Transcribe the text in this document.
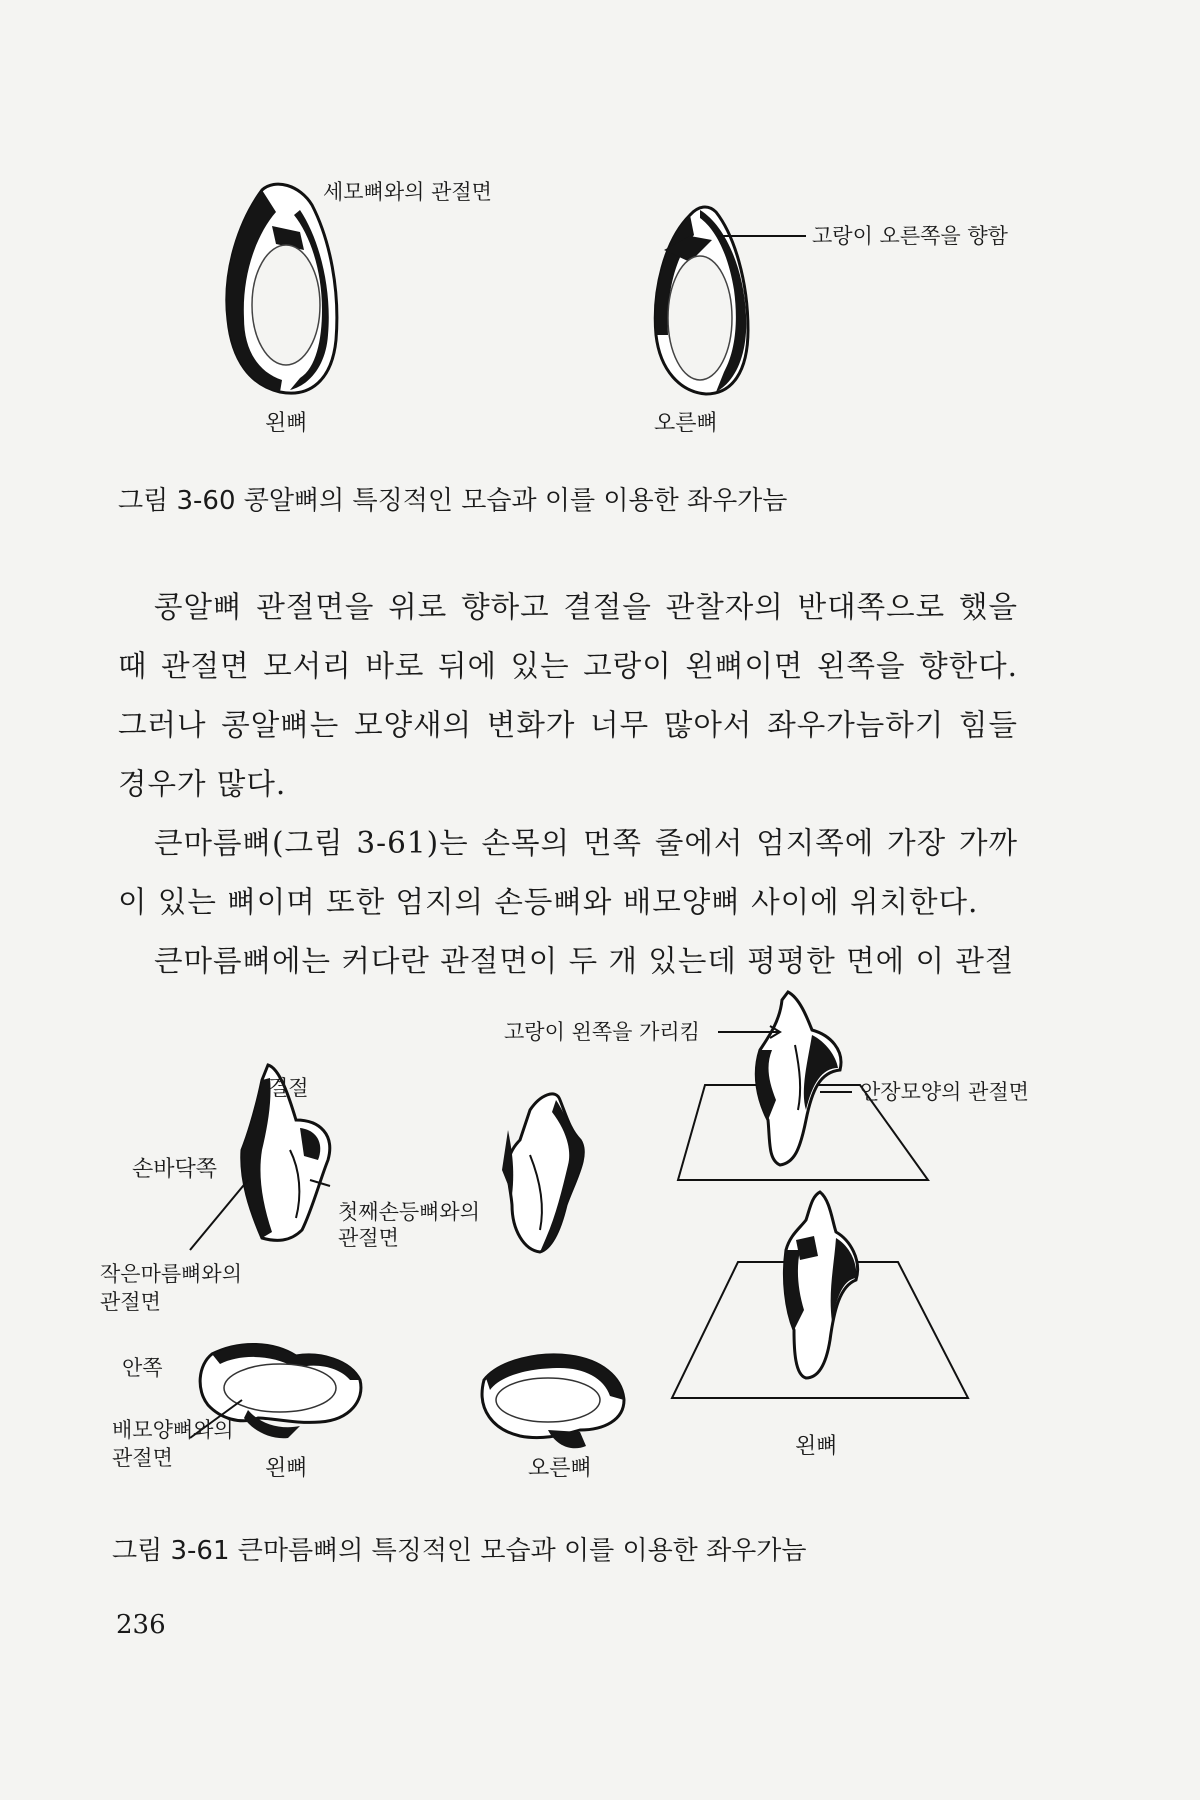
세모뼈와의 관절면
고랑이 오른쪽을 향함
왼뼈	오른뼈
그림 3-60 콩알뼈의 특징적인 모습과 이를 이용한 좌우가늠

콩알뼈 관절면을 위로 향하고 결절을 관찰자의 반대쪽으로 했을 때 관절면 모서리 바로 뒤에 있는 고랑이 왼뼈이면 왼쪽을 향한다. 그러나 콩알뼈는 모양새의 변화가 너무 많아서 좌우가늠하기 힘들 경우가 많다.

큰마름뼈(그림 3-61)는 손목의 먼쪽 줄에서 엄지쪽에 가장 가까이 있는 뼈이며 또한 엄지의 손등뼈와 배모양뼈 사이에 위치한다.

큰마름뼈에는 커다란 관절면이 두 개 있는데 평평한 면에 이 관절

고랑이 왼쪽을 가리킴
안장모양의 관절면
결절
손바닥쪽
첫째손등뼈와의
관절면
작은마름뼈와의
관절면
안쪽
배모양뼈와의
관절면	왼뼈	오른뼈
왼뼈
그림 3-61 큰마름뼈의 특징적인 모습과 이를 이용한 좌우가늠
236
